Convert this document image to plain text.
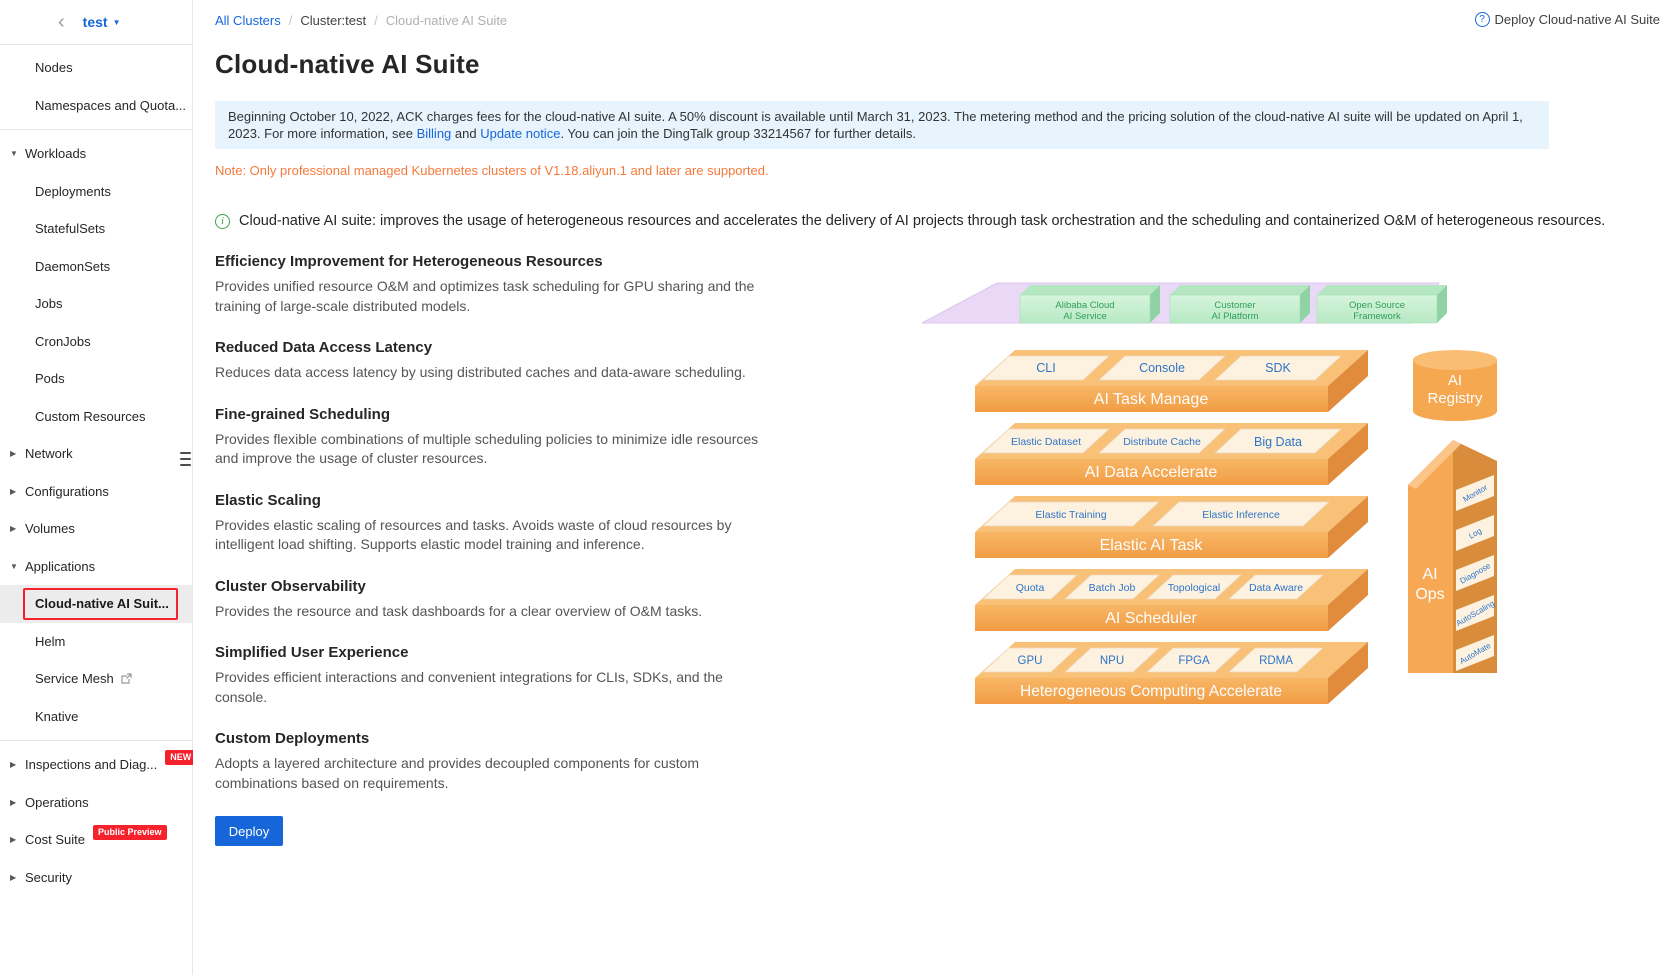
‹
test
▼
Nodes
Namespaces and Quota...
▼
Workloads
Deployments
StatefulSets
DaemonSets
Jobs
CronJobs
Pods
Custom Resources
▶
Network
▶
Configurations
▶
Volumes
▼
Applications
Cloud-native AI Suit...
Helm
Service Mesh
Knative
▶
Inspections and Diag...	NEW
▶
Operations
▶
Cost Suite	Public Preview
▶
Security
All Clusters / Cluster:test / Cloud-native AI Suite ?	Deploy Cloud-native AI Suite
Cloud-native AI Suite
Beginning October 10, 2022, ACK charges fees for the cloud-native AI suite. A 50% discount is available until March 31, 2023. The metering method and the pricing solution of the cloud-native AI suite will be updated on April 1, 2023. For more information, see Billing and Update notice. You can join the DingTalk group 33214567 for further details.
Note: Only professional managed Kubernetes clusters of V1.18.aliyun.1 and later are supported.
i
Cloud-native AI suite: improves the usage of heterogeneous resources and accelerates the delivery of AI projects through task orchestration and the scheduling and containerized O&M of heterogeneous resources.
Efficiency Improvement for Heterogeneous Resources

Provides unified resource O&M and optimizes task scheduling for GPU sharing and the training of large-scale distributed models.

Reduced Data Access Latency

Reduces data access latency by using distributed caches and data-aware scheduling.

Fine-grained Scheduling

Provides flexible combinations of multiple scheduling policies to minimize idle resources and improve the usage of cluster resources.

Elastic Scaling

Provides elastic scaling of resources and tasks. Avoids waste of cloud resources by intelligent load shifting. Supports elastic model training and inference.

Cluster Observability

Provides the resource and task dashboards for a clear overview of O&M tasks.

Simplified User Experience

Provides efficient interactions and convenient integrations for CLIs, SDKs, and the console.

Custom Deployments

Adopts a layered architecture and provides decoupled components for custom combinations based on requirements.

Deploy
Alibaba Cloud
AI Service
Customer
AI Platform
Open Source
Framework
AI Task Manage
CLI	Console	SDK
AI Data Accelerate
Elastic Dataset	Distribute Cache	Big Data
Elastic AI Task
Elastic Training	Elastic Inference
AI Scheduler
Quota	Batch Job	Topological	Data Aware
Heterogeneous Computing Accelerate
GPU	NPU	FPGA	RDMA
AI
Registry
AI
Ops
Monitor
Log
Diagnose
AutoScaling
AutoMate
